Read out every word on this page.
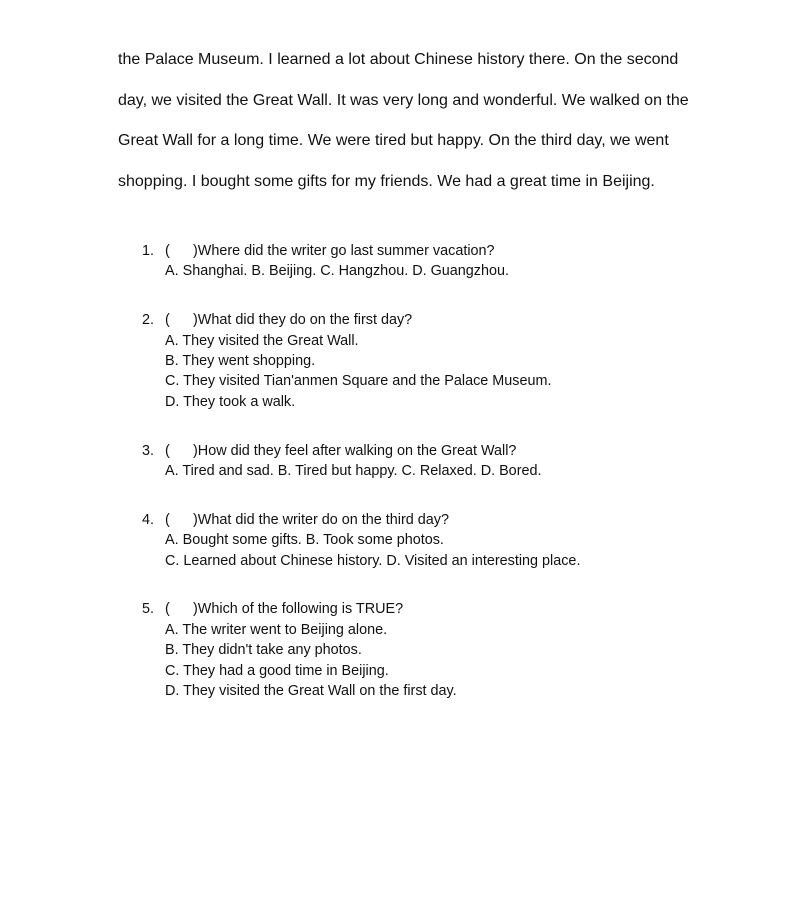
the Palace Museum. I learned a lot about Chinese history there. On the second
day, we visited the Great Wall. It was very long and wonderful. We walked on the
Great Wall for a long time. We were tired but happy. On the third day, we went
shopping. I bought some gifts for my friends. We had a great time in Beijing.
1. ( )Where did the writer go last summer vacation?
A. Shanghai. B. Beijing. C. Hangzhou. D. Guangzhou.
2. ( )What did they do on the first day?
A. They visited the Great Wall.
B. They went shopping.
C. They visited Tian'anmen Square and the Palace Museum.
D. They took a walk.
3. ( )How did they feel after walking on the Great Wall?
A. Tired and sad. B. Tired but happy. C. Relaxed. D. Bored.
4. ( )What did the writer do on the third day?
A. Bought some gifts. B. Took some photos.
C. Learned about Chinese history. D. Visited an interesting place.
5. ( )Which of the following is TRUE?
A. The writer went to Beijing alone.
B. They didn't take any photos.
C. They had a good time in Beijing.
D. They visited the Great Wall on the first day.
